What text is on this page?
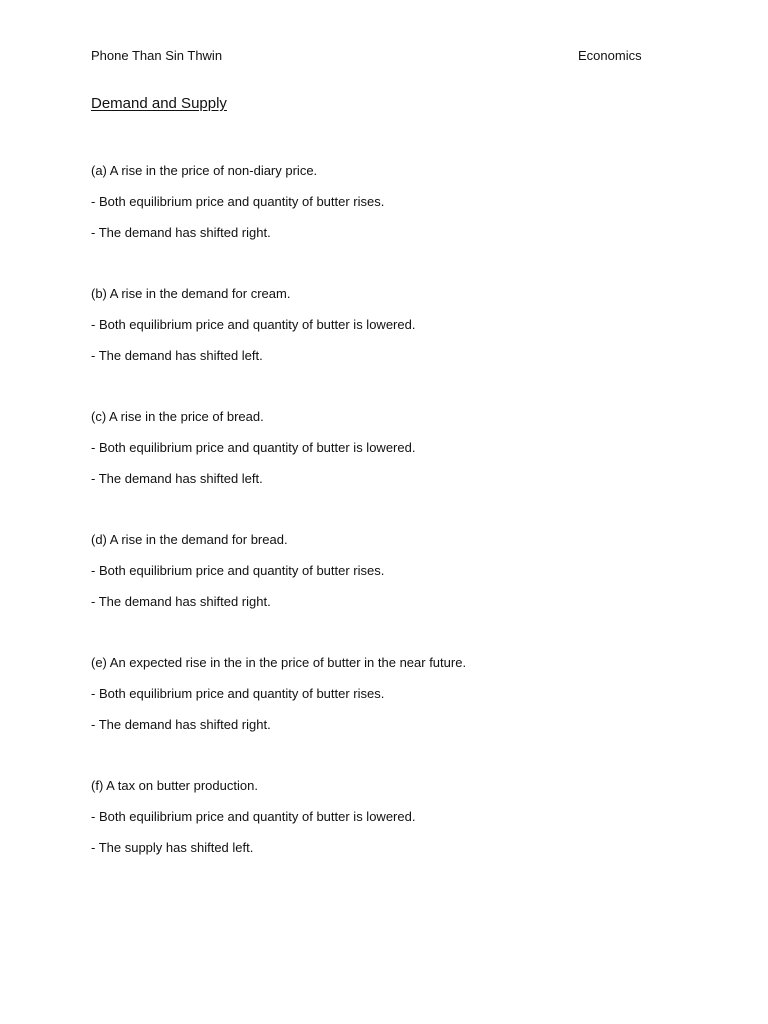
Phone Than Sin Thwin	Economics
Demand and Supply
(a) A rise in the price of non-diary price.
- Both equilibrium price and quantity of butter rises.
- The demand has shifted right.
(b) A rise in the demand for cream.
- Both equilibrium price and quantity of butter is lowered.
- The demand has shifted left.
(c) A rise in the price of bread.
- Both equilibrium price and quantity of butter is lowered.
- The demand has shifted left.
(d) A rise in the demand for bread.
- Both equilibrium price and quantity of butter rises.
- The demand has shifted right.
(e) An expected rise in the in the price of butter in the near future.
- Both equilibrium price and quantity of butter rises.
- The demand has shifted right.
(f) A tax on butter production.
- Both equilibrium price and quantity of butter is lowered.
- The supply has shifted left.
